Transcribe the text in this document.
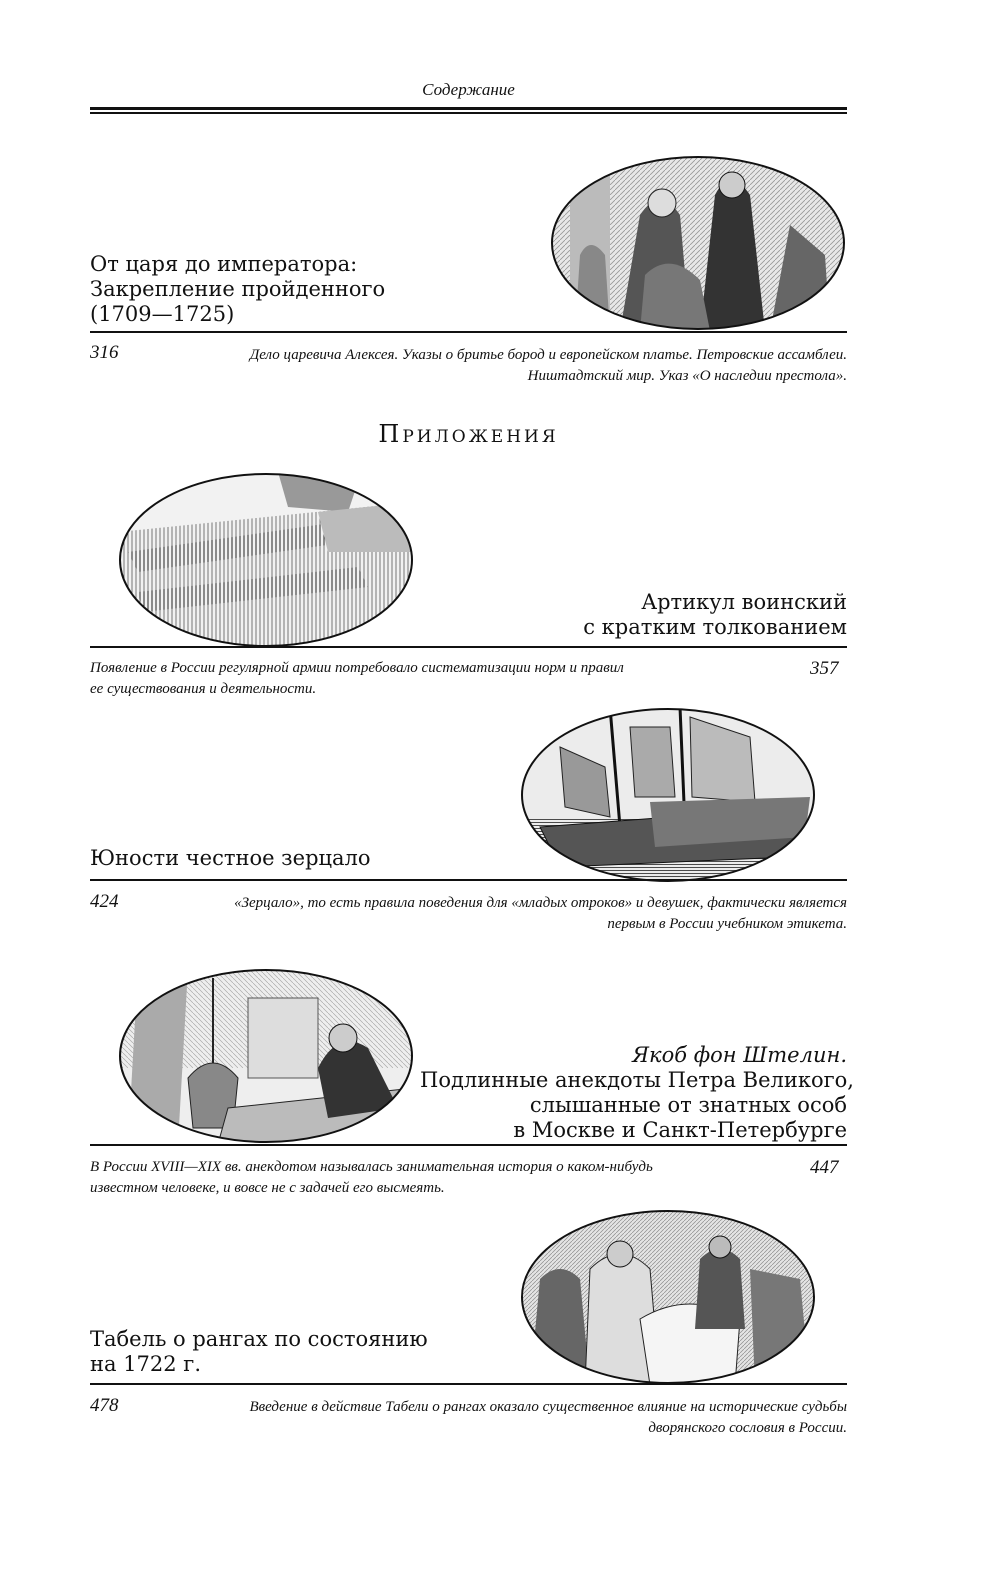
Содержание
От царя до императора:
Закрепление пройденного
(1709—1725)
316	Дело царевича Алексея. Указы о бритье бород и европейском платье. Петровские ассамблеи.
Ништадтский мир. Указ «О наследии престола».
Приложения
Артикул воинский
с кратким толкованием
Появление в России регулярной армии потребовало систематизации норм и правил
ее существования и деятельности.
357
Юности честное зерцало
424	«Зерцало», то есть правила поведения для «младых отроков» и девушек, фактически является
первым в России учебником этикета.
Якоб фон Штелин.
Подлинные анекдоты Петра Великого,
слышанные от знатных особ
в Москве и Санкт-Петербурге
В России XVIII—XIX вв. анекдотом называлась занимательная история о каком-нибудь
известном человеке, и вовсе не с задачей его высмеять.
447
Табель о рангах по состоянию
на 1722 г.
478	Введение в действие Табели о рангах оказало существенное влияние на исторические судьбы
дворянского сословия в России.
